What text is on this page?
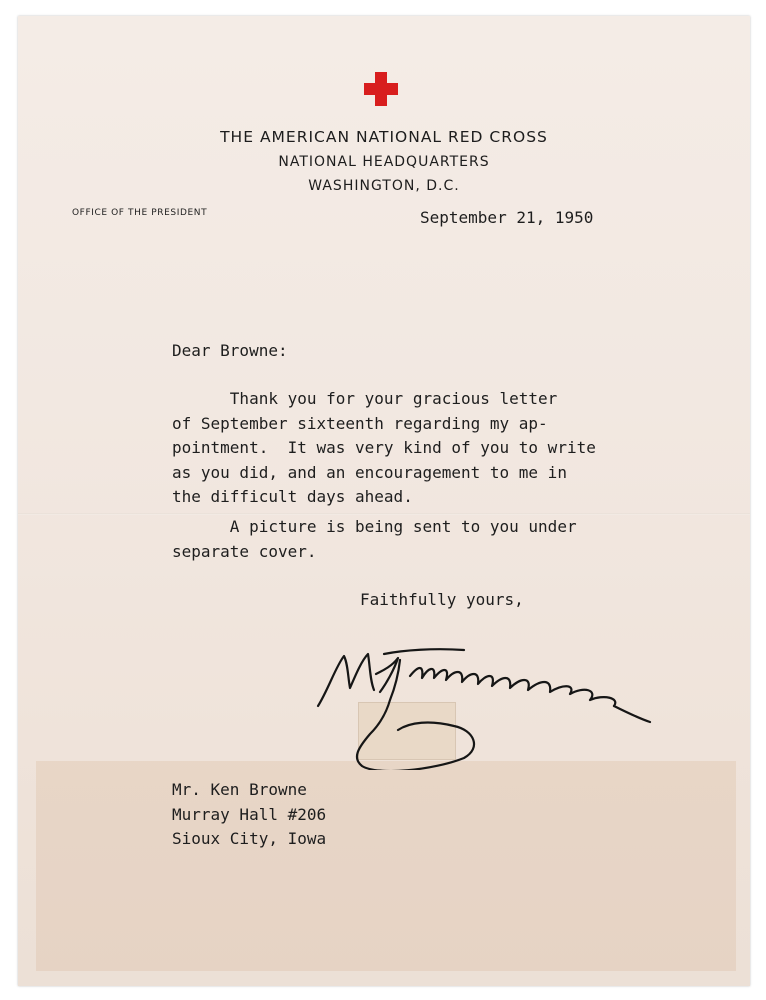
THE AMERICAN NATIONAL RED CROSS
NATIONAL HEADQUARTERS
WASHINGTON, D.C.
OFFICE OF THE PRESIDENT	September 21, 1950
Dear Browne:
Thank you for your gracious letter
of September sixteenth regarding my ap-
pointment.  It was very kind of you to write
as you did, and an encouragement to me in
the difficult days ahead.
A picture is being sent to you under
separate cover.
Faithfully yours,
Mr. Ken Browne
Murray Hall #206
Sioux City, Iowa
